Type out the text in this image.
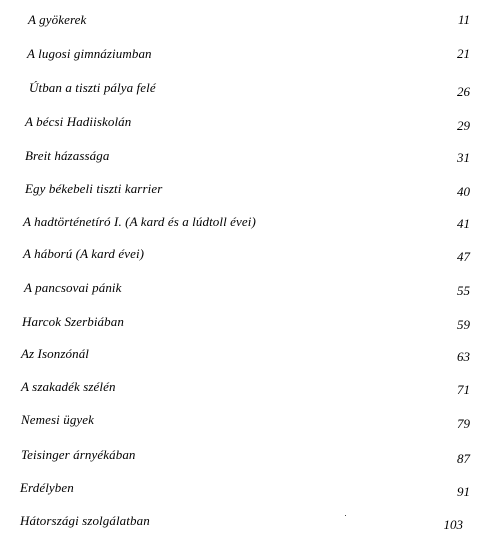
A gyökerek	11
A lugosi gimnáziumban	21
Útban a tiszti pálya felé	26
A bécsi Hadiiskolán	29
Breit házassága	31
Egy békebeli tiszti karrier	40
A hadtörténetíró I. (A kard és a lúdtoll évei)	41
A háború (A kard évei)	47
A pancsovai pánik	55
Harcok Szerbiában	59
Az Isonzónál	63
A szakadék szélén	71
Nemesi ügyek	79
Teisinger árnyékában	87
Erdélyben	91
Hátországi szolgálatban	103
